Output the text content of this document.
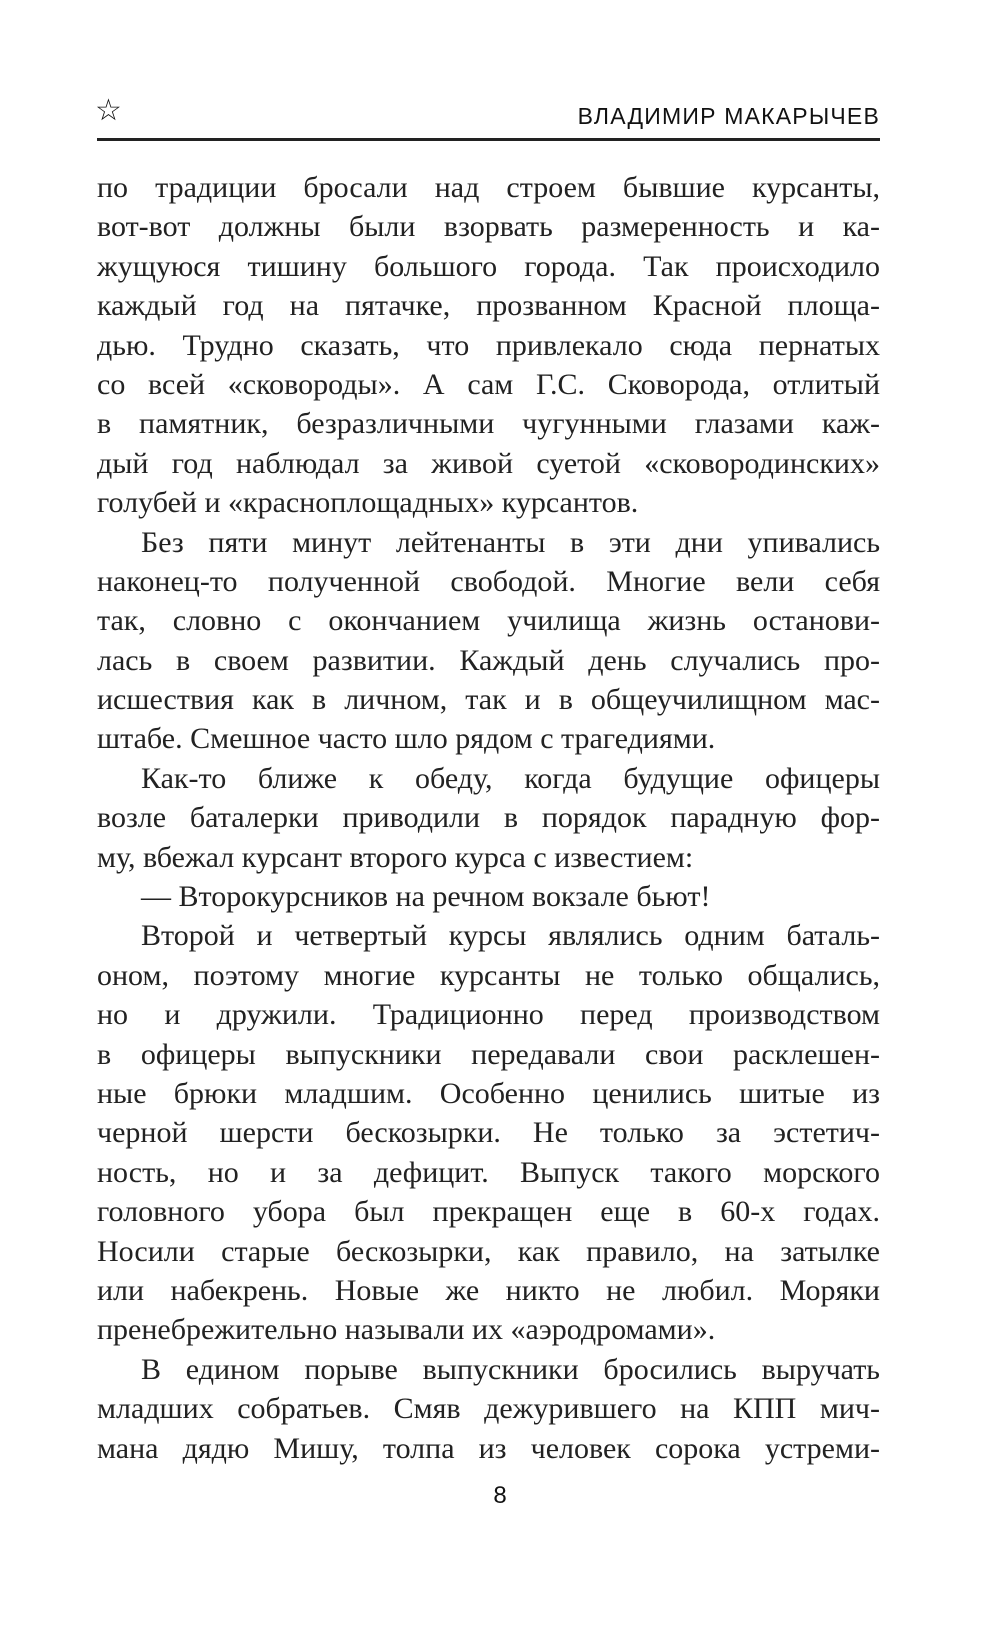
☆	ВЛАДИМИР МАКАРЫЧЕВ
по традиции бросали над строем бывшие курсанты,
вот-вот должны были взорвать размеренность и ка-
жущуюся тишину большого города. Так происходило
каждый год на пятачке, прозванном Красной площа-
дью. Трудно сказать, что привлекало сюда пернатых
со всей «сковороды». А сам Г.С. Сковорода, отлитый
в памятник, безразличными чугунными глазами каж-
дый год наблюдал за живой суетой «сковородинских»
голубей и «красноплощадных» курсантов.
Без пяти минут лейтенанты в эти дни упивались
наконец-то полученной свободой. Многие вели себя
так, словно с окончанием училища жизнь останови-
лась в своем развитии. Каждый день случались про-
исшествия как в личном, так и в общеучилищном мас-
штабе. Смешное часто шло рядом с трагедиями.
Как-то ближе к обеду, когда будущие офицеры
возле баталерки приводили в порядок парадную фор-
му, вбежал курсант второго курса с известием:
— Второкурсников на речном вокзале бьют!
Второй и четвертый курсы являлись одним баталь-
оном, поэтому многие курсанты не только общались,
но и дружили. Традиционно перед производством
в офицеры выпускники передавали свои расклешен-
ные брюки младшим. Особенно ценились шитые из
черной шерсти бескозырки. Не только за эстетич-
ность, но и за дефицит. Выпуск такого морского
головного убора был прекращен еще в 60-х годах.
Носили старые бескозырки, как правило, на затылке
или набекрень. Новые же никто не любил. Моряки
пренебрежительно называли их «аэродромами».
В едином порыве выпускники бросились выручать
младших собратьев. Смяв дежурившего на КПП мич-
мана дядю Мишу, толпа из человек сорока устреми-
8
